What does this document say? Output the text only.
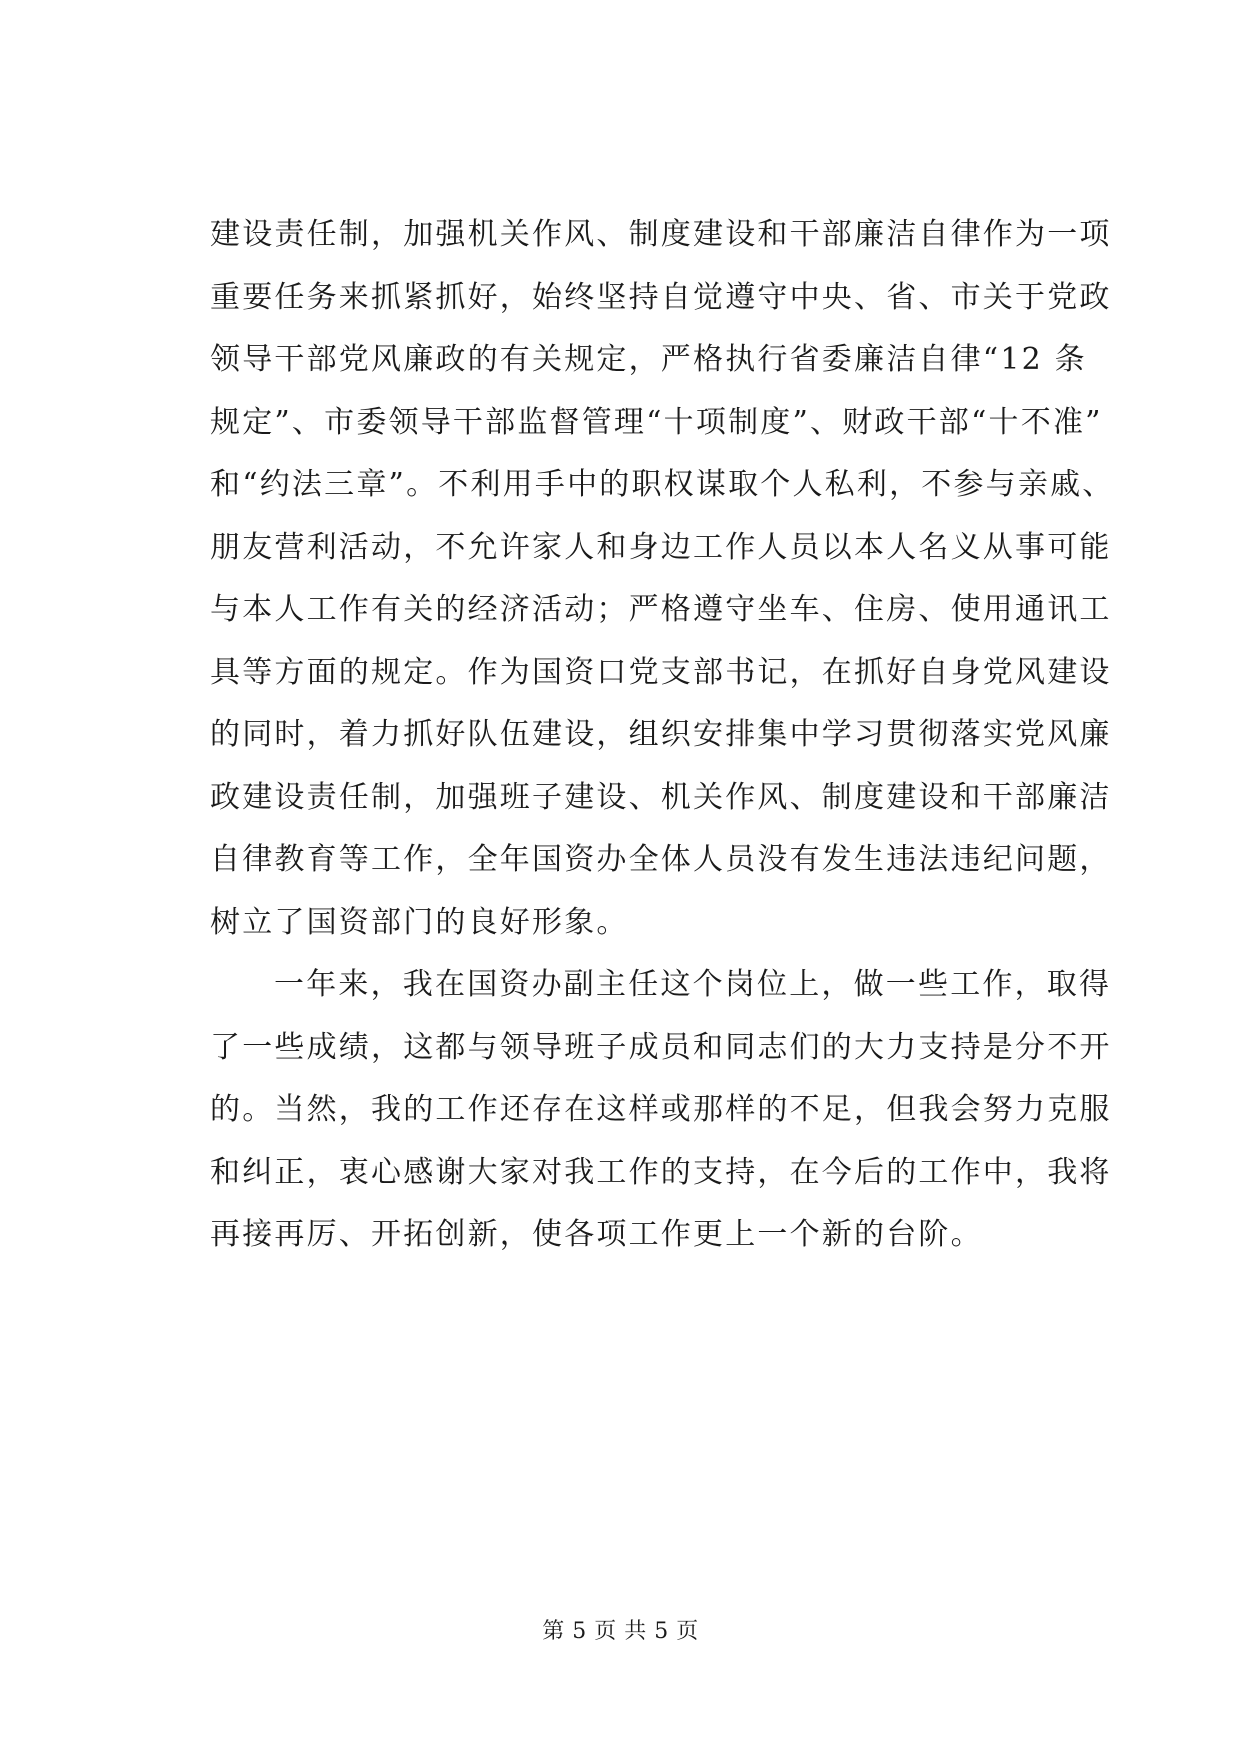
建设责任制，加强机关作风、制度建设和干部廉洁自律作为一项
重要任务来抓紧抓好，始终坚持自觉遵守中央、省、市关于党政
领导干部党风廉政的有关规定，严格执行省委廉洁自律“12 条
规定”、市委领导干部监督管理“十项制度”、财政干部“十不准”
和“约法三章”。不利用手中的职权谋取个人私利，不参与亲戚、
朋友营利活动，不允许家人和身边工作人员以本人名义从事可能
与本人工作有关的经济活动；严格遵守坐车、住房、使用通讯工
具等方面的规定。作为国资口党支部书记，在抓好自身党风建设
的同时，着力抓好队伍建设，组织安排集中学习贯彻落实党风廉
政建设责任制，加强班子建设、机关作风、制度建设和干部廉洁
自律教育等工作，全年国资办全体人员没有发生违法违纪问题，
树立了国资部门的良好形象。
一年来，我在国资办副主任这个岗位上，做一些工作，取得
了一些成绩，这都与领导班子成员和同志们的大力支持是分不开
的。当然，我的工作还存在这样或那样的不足，但我会努力克服
和纠正，衷心感谢大家对我工作的支持，在今后的工作中，我将
再接再厉、开拓创新，使各项工作更上一个新的台阶。
第 5 页 共 5 页
